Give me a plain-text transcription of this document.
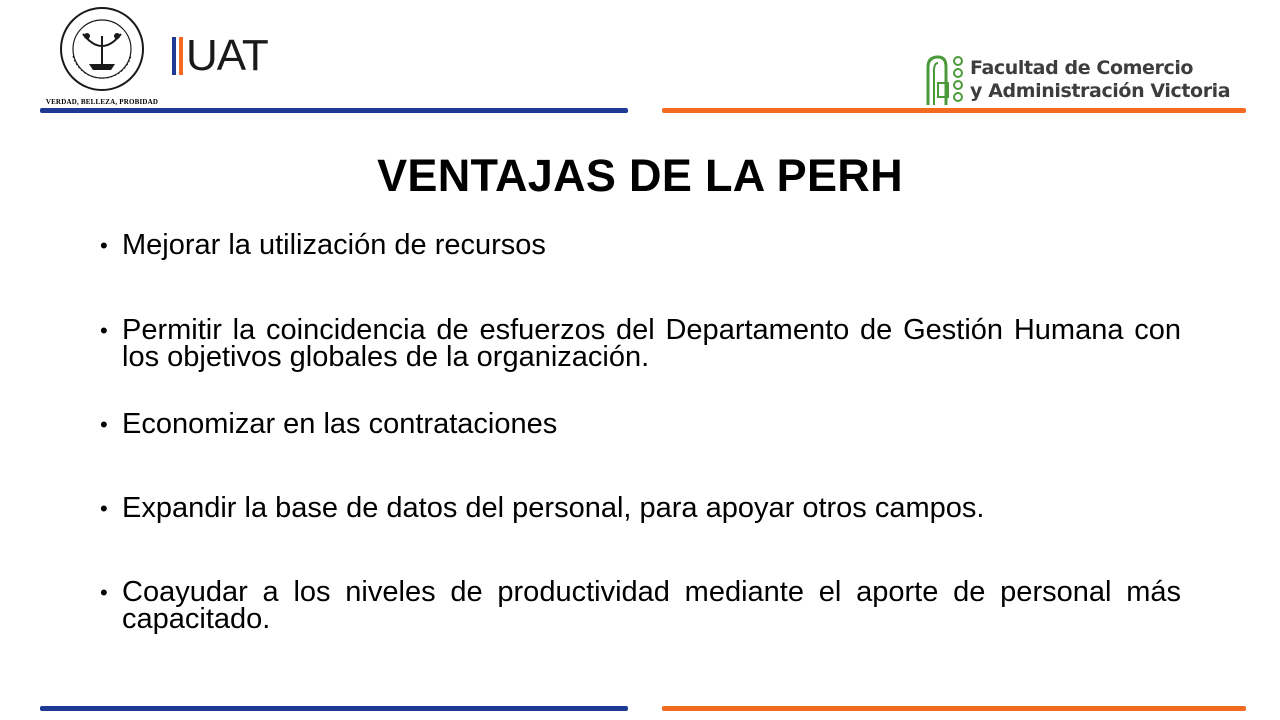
VERDAD, BELLEZA, PROBIDAD
UAT	Facultad de Comercio
y Administración Victoria
VENTAJAS DE LA PERH
• Mejorar la utilización de recursos
• Permitir la coincidencia de esfuerzos del Departamento de Gestión Humana con los objetivos globales de la organización.
• Economizar en las contrataciones
• Expandir la base de datos del personal, para apoyar otros campos.
• Coayudar a los niveles de productividad mediante el aporte de personal más capacitado.
